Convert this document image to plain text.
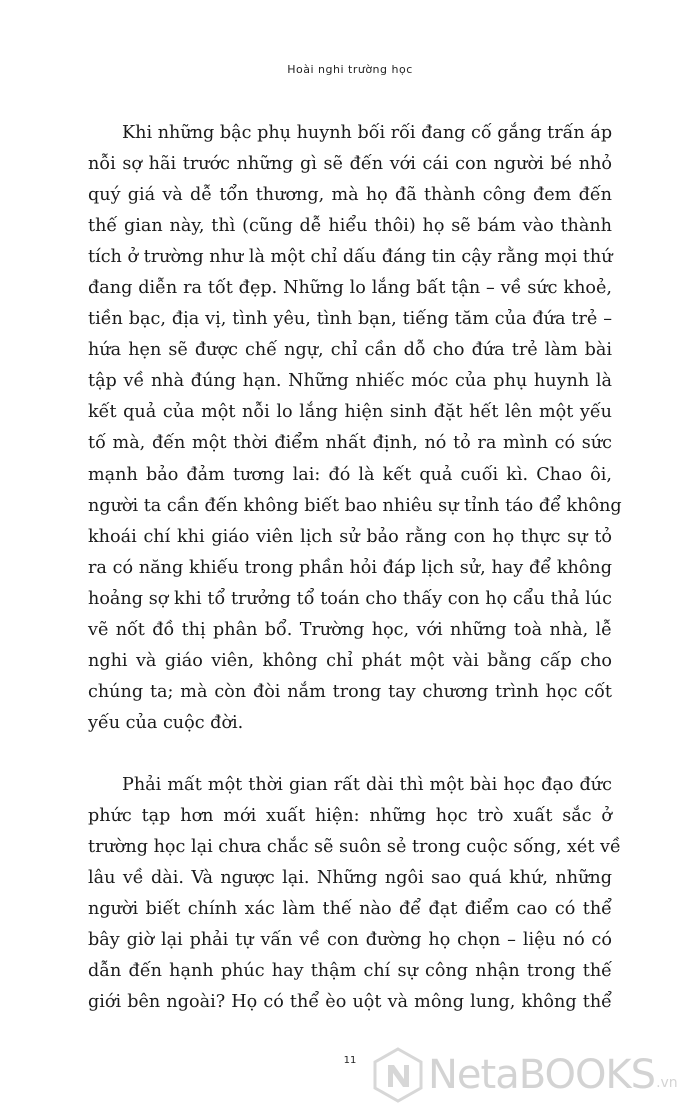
Hoài nghi trường học

Khi những bậc phụ huynh bối rối đang cố gắng trấn áp
nỗi sợ hãi trước những gì sẽ đến với cái con người bé nhỏ
quý giá và dễ tổn thương, mà họ đã thành công đem đến
thế gian này, thì (cũng dễ hiểu thôi) họ sẽ bám vào thành
tích ở trường như là một chỉ dấu đáng tin cậy rằng mọi thứ
đang diễn ra tốt đẹp. Những lo lắng bất tận – về sức khoẻ,
tiền bạc, địa vị, tình yêu, tình bạn, tiếng tăm của đứa trẻ –
hứa hẹn sẽ được chế ngự, chỉ cần dỗ cho đứa trẻ làm bài
tập về nhà đúng hạn. Những nhiếc móc của phụ huynh là
kết quả của một nỗi lo lắng hiện sinh đặt hết lên một yếu
tố mà, đến một thời điểm nhất định, nó tỏ ra mình có sức
mạnh bảo đảm tương lai: đó là kết quả cuối kì. Chao ôi,
người ta cần đến không biết bao nhiêu sự tỉnh táo để không
khoái chí khi giáo viên lịch sử bảo rằng con họ thực sự tỏ
ra có năng khiếu trong phần hỏi đáp lịch sử, hay để không
hoảng sợ khi tổ trưởng tổ toán cho thấy con họ cẩu thả lúc
vẽ nốt đồ thị phân bổ. Trường học, với những toà nhà, lễ
nghi và giáo viên, không chỉ phát một vài bằng cấp cho
chúng ta; mà còn đòi nắm trong tay chương trình học cốt
yếu của cuộc đời.

Phải mất một thời gian rất dài thì một bài học đạo đức
phức tạp hơn mới xuất hiện: những học trò xuất sắc ở
trường học lại chưa chắc sẽ suôn sẻ trong cuộc sống, xét về
lâu về dài. Và ngược lại. Những ngôi sao quá khứ, những
người biết chính xác làm thế nào để đạt điểm cao có thể
bây giờ lại phải tự vấn về con đường họ chọn – liệu nó có
dẫn đến hạnh phúc hay thậm chí sự công nhận trong thế
giới bên ngoài? Họ có thể èo uột và mông lung, không thể

11	NetaBOOKS .vn
